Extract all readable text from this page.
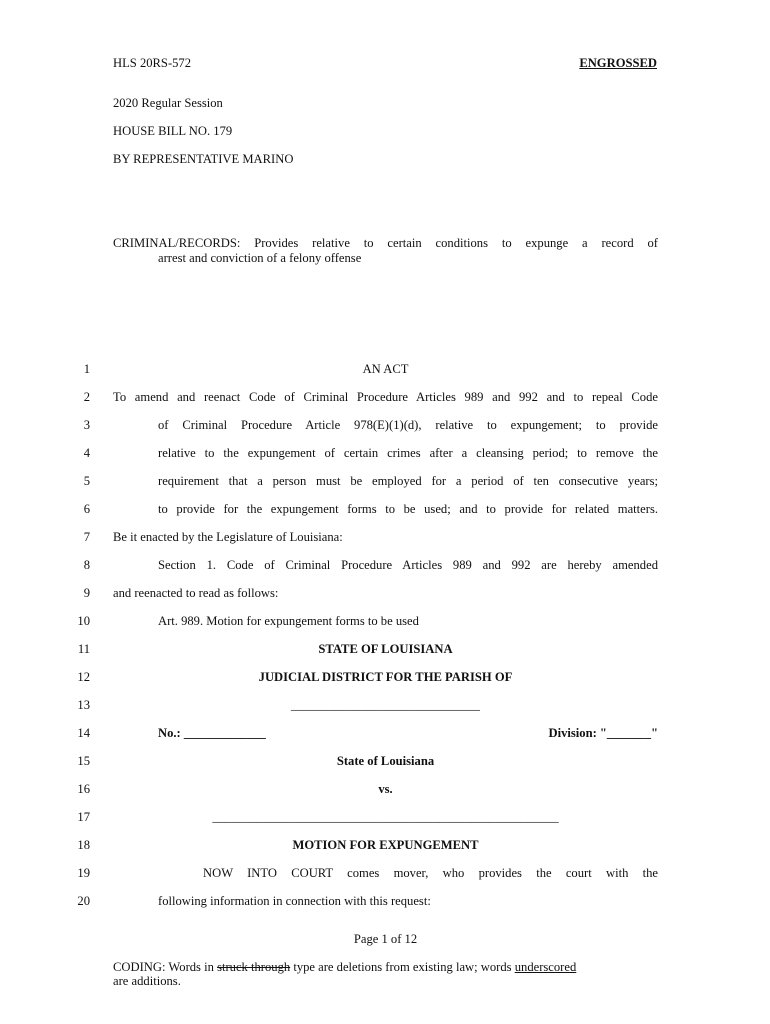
HLS 20RS-572	ENGROSSED
2020 Regular Session
HOUSE BILL NO. 179
BY REPRESENTATIVE MARINO
CRIMINAL/RECORDS: Provides relative to certain conditions to expunge a record of
arrest and conviction of a felony offense
1	AN ACT
2 To amend and reenact Code of Criminal Procedure Articles 989 and 992 and to repeal Code
3	of Criminal Procedure Article 978(E)(1)(d), relative to expungement; to provide
4	relative to the expungement of certain crimes after a cleansing period; to remove the
5	requirement that a person must be employed for a period of ten consecutive years;
6	to provide for the expungement forms to be used; and to provide for related matters.
7 Be it enacted by the Legislature of Louisiana:
8	Section 1. Code of Criminal Procedure Articles 989 and 992 are hereby amended
9 and reenacted to read as follows:
10	Art. 989. Motion for expungement forms to be used
11	STATE OF LOUISIANA
12	JUDICIAL DISTRICT FOR THE PARISH OF
13	______________________________
14	No.: _____________	Division: "_______"
15	State of Louisiana
16	vs.
17	_______________________________________________________
18	MOTION FOR EXPUNGEMENT
19	NOW INTO COURT comes mover, who provides the court with the
20	following information in connection with this request:
Page 1 of 12
CODING: Words in struck through type are deletions from existing law; words underscored
are additions.
